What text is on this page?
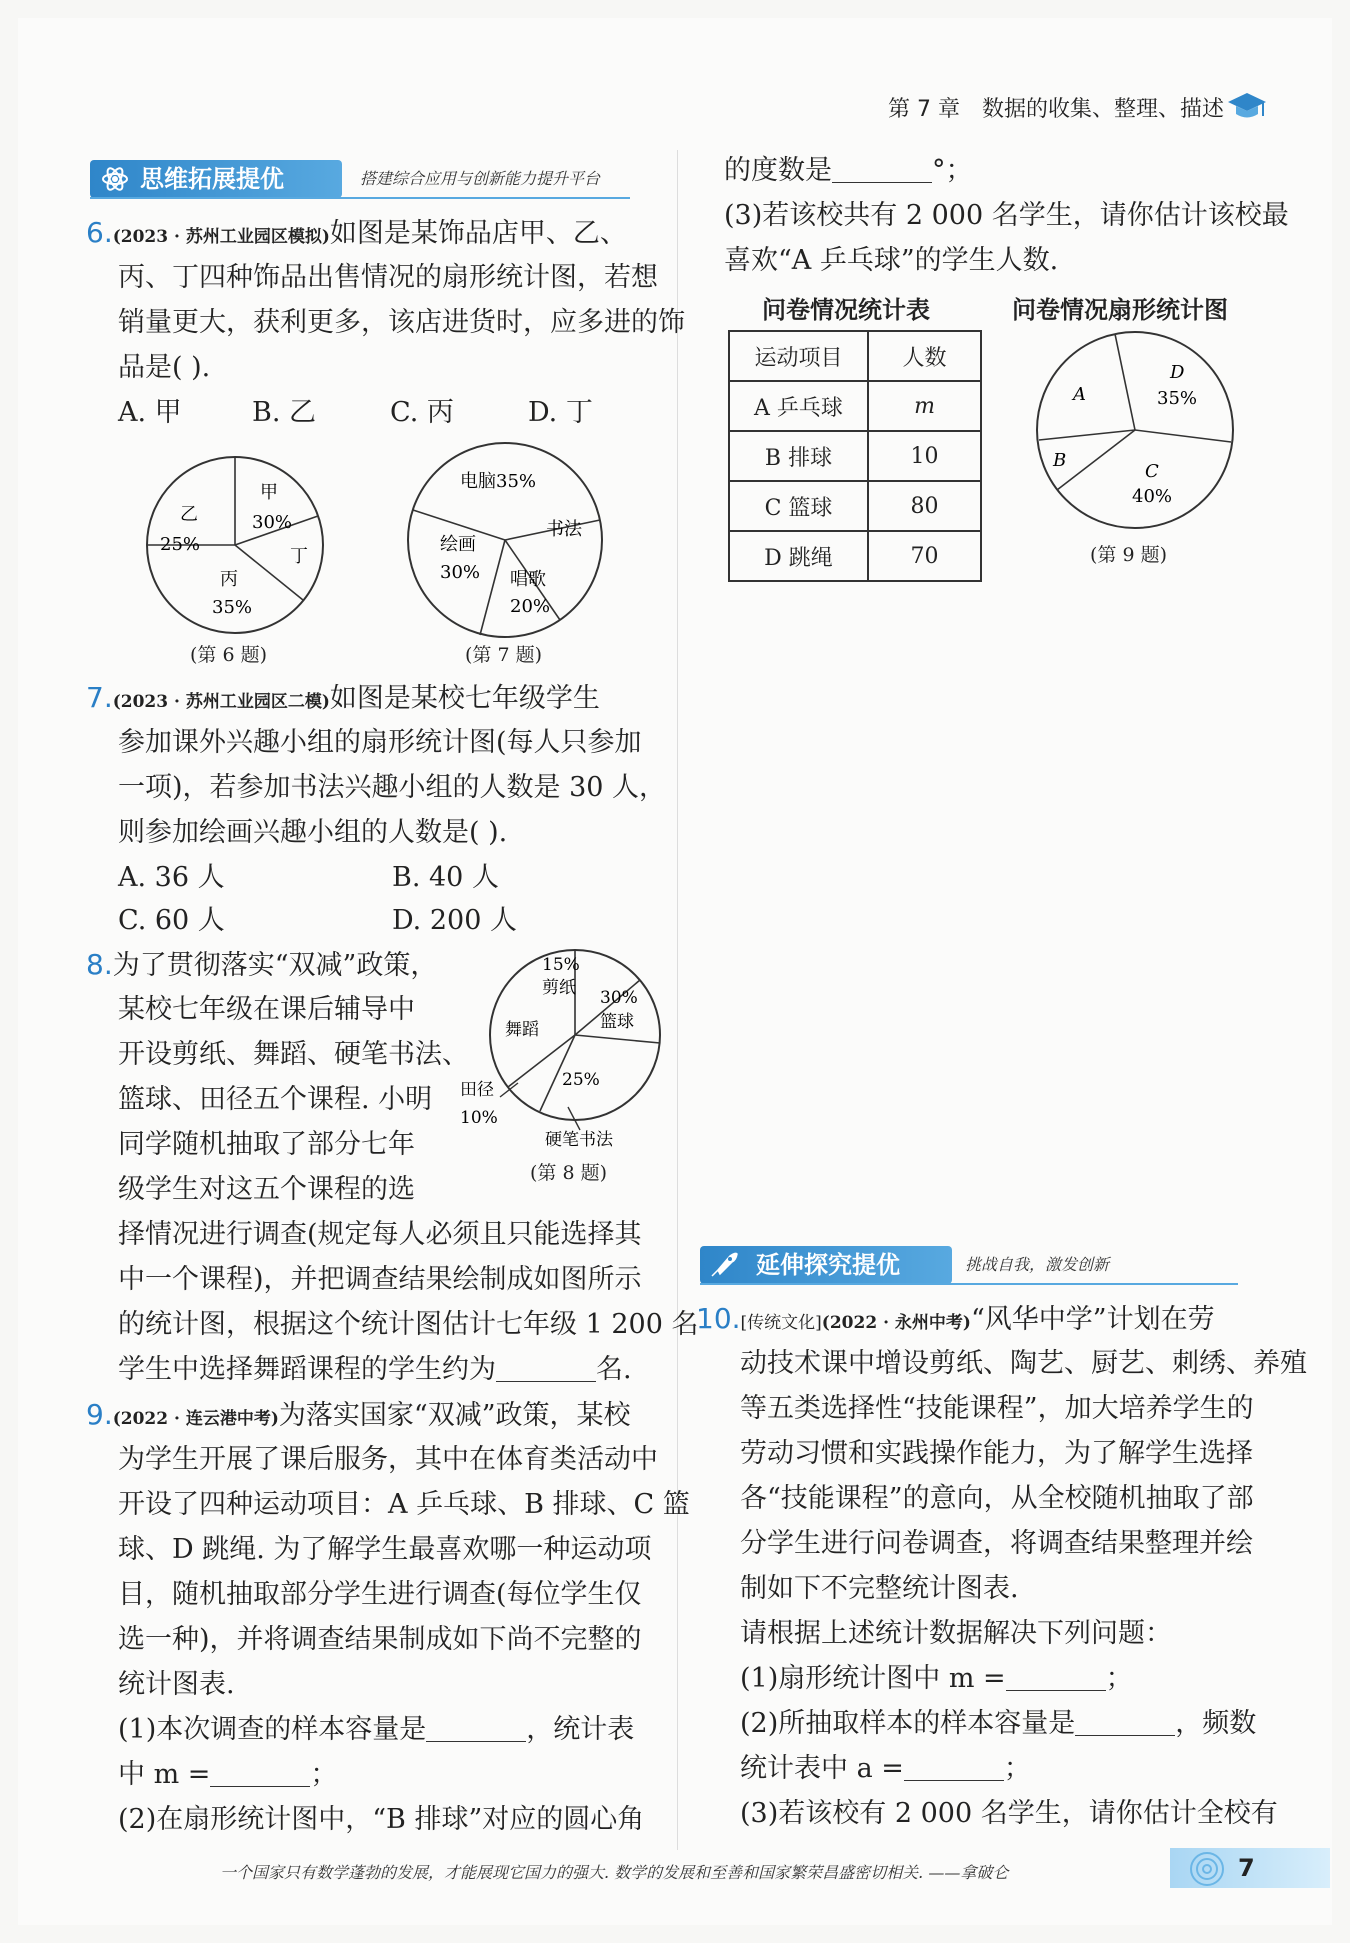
第 7 章 数据的收集、整理、描述
思维拓展提优	搭建综合应用与创新能力提升平台
6.(2023 · 苏州工业园区模拟)如图是某饰品店甲、乙、
丙、丁四种饰品出售情况的扇形统计图，若想
销量更大，获利更多，该店进货时，应多进的饰
品是( ).
A. 甲	B. 乙	C. 丙	D. 丁
甲
30%
乙
25%
丁
丙
35%
(第 6 题)
电脑35%
书法
绘画
30% 唱歌
20%
(第 7 题)
7.(2023 · 苏州工业园区二模)如图是某校七年级学生
参加课外兴趣小组的扇形统计图(每人只参加
一项)，若参加书法兴趣小组的人数是 30 人，
则参加绘画兴趣小组的人数是( ).
A. 36 人	B. 40 人
C. 60 人	D. 200 人
8.为了贯彻落实“双减”政策，
某校七年级在课后辅导中
开设剪纸、舞蹈、硬笔书法、
篮球、田径五个课程. 小明
同学随机抽取了部分七年
级学生对这五个课程的选
择情况进行调查(规定每人必须且只能选择其
中一个课程)，并把调查结果绘制成如图所示
的统计图，根据这个统计图估计七年级 1 200 名
学生中选择舞蹈课程的学生约为	名.
15%
剪纸 30%
篮球
舞蹈
25%
田径
10%
硬笔书法
(第 8 题)
9.(2022 · 连云港中考)为落实国家“双减”政策，某校
为学生开展了课后服务，其中在体育类活动中
开设了四种运动项目：A 乒乓球、B 排球、C 篮
球、D 跳绳. 为了解学生最喜欢哪一种运动项
目，随机抽取部分学生进行调查(每位学生仅
选一种)，并将调查结果制成如下尚不完整的
统计图表.
(1)本次调查的样本容量是	，统计表
中 m =	；
(2)在扇形统计图中，“B 排球”对应的圆心角
的度数是	°；
(3)若该校共有 2 000 名学生，请你估计该校最
喜欢“A 乒乓球”的学生人数.
问卷情况统计表	问卷情况扇形统计图
运动项目	人数
A 乒乓球	m
B 排球	10
C 篮球	80
D 跳绳	70
D
35%
A
B
C
40%
(第 9 题)
延伸探究提优	挑战自我，激发创新
10.[传统文化](2022 · 永州中考)“风华中学”计划在劳
动技术课中增设剪纸、陶艺、厨艺、刺绣、养殖
等五类选择性“技能课程”，加大培养学生的
劳动习惯和实践操作能力，为了解学生选择
各“技能课程”的意向，从全校随机抽取了部
分学生进行问卷调查，将调查结果整理并绘
制如下不完整统计图表.
请根据上述统计数据解决下列问题：
(1)扇形统计图中 m =	；
(2)所抽取样本的样本容量是	，频数
统计表中 a =	；
(3)若该校有 2 000 名学生，请你估计全校有
一个国家只有数学蓬勃的发展，才能展现它国力的强大. 数学的发展和至善和国家繁荣昌盛密切相关. ——拿破仑	7
